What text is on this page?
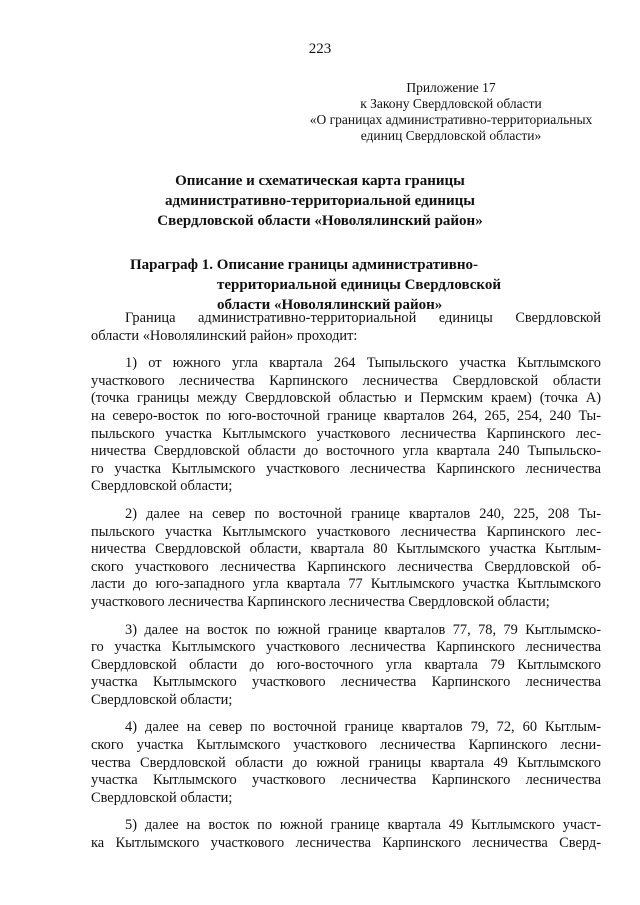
223
Приложение 17
к Закону Свердловской области
«О границах административно-территориальных
единиц Свердловской области»
Описание и схематическая карта границы
административно-территориальной единицы
Свердловской области «Новолялинский район»
Параграф 1. Описание границы административно-
территориальной единицы Свердловской
области «Новолялинский район»

Граница административно-территориальной единицы Свердловской
области «Новолялинский район» проходит:

1) от южного угла квартала 264 Тыпыльского участка Кытлымского
участкового лесничества Карпинского лесничества Свердловской области
(точка границы между Свердловской областью и Пермским краем) (точка А)
на северо-восток по юго-восточной границе кварталов 264, 265, 254, 240 Ты-
пыльского участка Кытлымского участкового лесничества Карпинского лес-
ничества Свердловской области до восточного угла квартала 240 Тыпыльско-
го участка Кытлымского участкового лесничества Карпинского лесничества
Свердловской области;

2) далее на север по восточной границе кварталов 240, 225, 208 Ты-
пыльского участка Кытлымского участкового лесничества Карпинского лес-
ничества Свердловской области, квартала 80 Кытлымского участка Кытлым-
ского участкового лесничества Карпинского лесничества Свердловской об-
ласти до юго-западного угла квартала 77 Кытлымского участка Кытлымского
участкового лесничества Карпинского лесничества Свердловской области;

3) далее на восток по южной границе кварталов 77, 78, 79 Кытлымско-
го участка Кытлымского участкового лесничества Карпинского лесничества
Свердловской области до юго-восточного угла квартала 79 Кытлымского
участка Кытлымского участкового лесничества Карпинского лесничества
Свердловской области;

4) далее на север по восточной границе кварталов 79, 72, 60 Кытлым-
ского участка Кытлымского участкового лесничества Карпинского лесни-
чества Свердловской области до южной границы квартала 49 Кытлымского
участка Кытлымского участкового лесничества Карпинского лесничества
Свердловской области;

5) далее на восток по южной границе квартала 49 Кытлымского участ-
ка Кытлымского участкового лесничества Карпинского лесничества Сверд-
